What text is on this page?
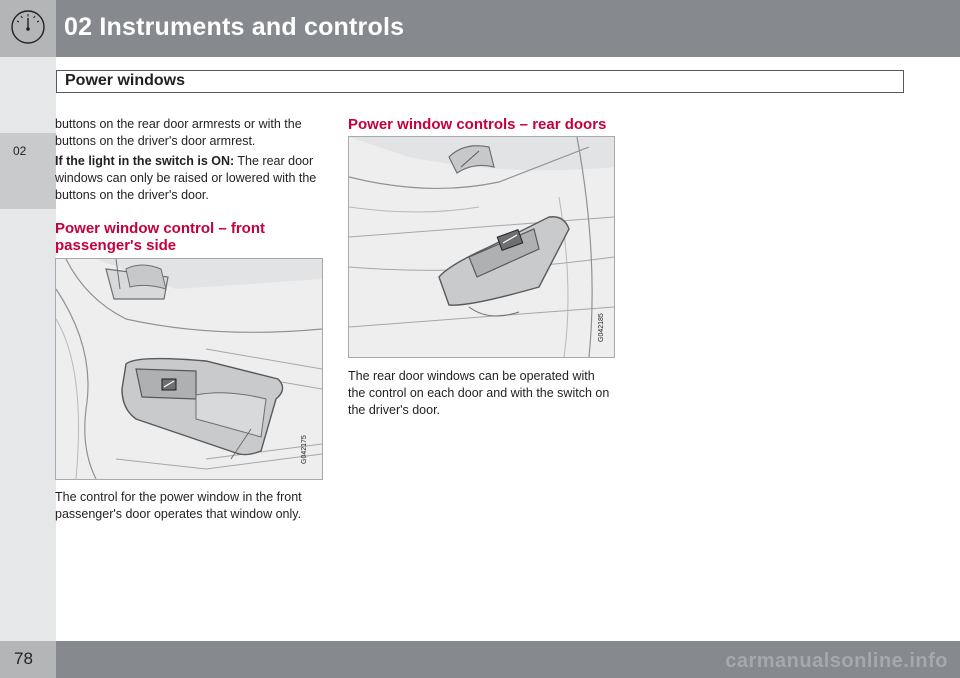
02 Instruments and controls
Power windows
02

buttons on the rear door armrests or with the buttons on the driver's door armrest.

If the light in the switch is ON: The rear door windows can only be raised or lowered with the buttons on the driver's door.

Power window control – front passenger's side
G042175

The control for the power window in the front passenger's door operates that window only.

Power window controls – rear doors
G042185

The rear door windows can be operated with the control on each door and with the switch on the driver's door.

78	carmanualsonline.info
